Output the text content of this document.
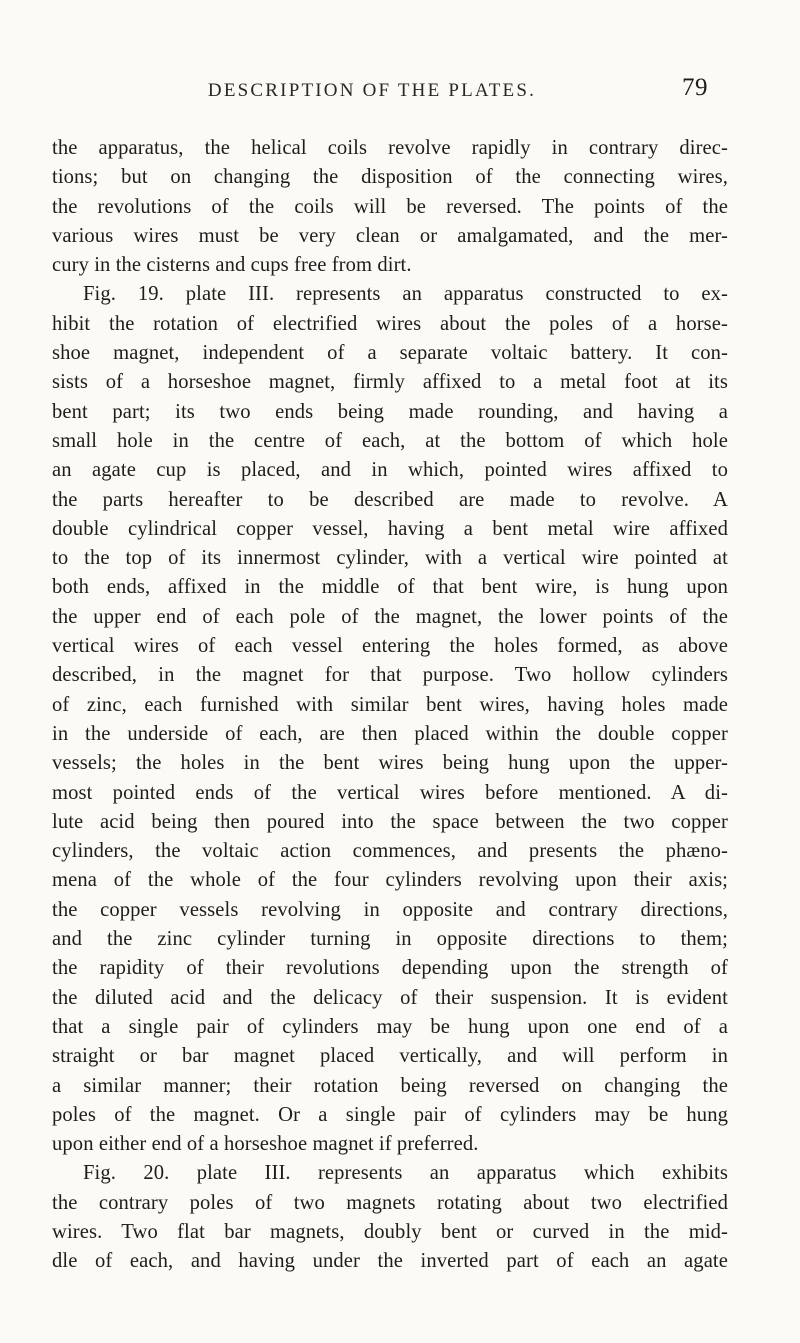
DESCRIPTION OF THE PLATES.	79
the apparatus, the helical coils revolve rapidly in contrary direc-
tions; but on changing the disposition of the connecting wires,
the revolutions of the coils will be reversed. The points of the
various wires must be very clean or amalgamated, and the mer-
cury in the cisterns and cups free from dirt.
Fig. 19. plate III. represents an apparatus constructed to ex-
hibit the rotation of electrified wires about the poles of a horse-
shoe magnet, independent of a separate voltaic battery. It con-
sists of a horseshoe magnet, firmly affixed to a metal foot at its
bent part; its two ends being made rounding, and having a
small hole in the centre of each, at the bottom of which hole
an agate cup is placed, and in which, pointed wires affixed to
the parts hereafter to be described are made to revolve. A
double cylindrical copper vessel, having a bent metal wire affixed
to the top of its innermost cylinder, with a vertical wire pointed at
both ends, affixed in the middle of that bent wire, is hung upon
the upper end of each pole of the magnet, the lower points of the
vertical wires of each vessel entering the holes formed, as above
described, in the magnet for that purpose. Two hollow cylinders
of zinc, each furnished with similar bent wires, having holes made
in the underside of each, are then placed within the double copper
vessels; the holes in the bent wires being hung upon the upper-
most pointed ends of the vertical wires before mentioned. A di-
lute acid being then poured into the space between the two copper
cylinders, the voltaic action commences, and presents the phæno-
mena of the whole of the four cylinders revolving upon their axis;
the copper vessels revolving in opposite and contrary directions,
and the zinc cylinder turning in opposite directions to them;
the rapidity of their revolutions depending upon the strength of
the diluted acid and the delicacy of their suspension. It is evident
that a single pair of cylinders may be hung upon one end of a
straight or bar magnet placed vertically, and will perform in
a similar manner; their rotation being reversed on changing the
poles of the magnet. Or a single pair of cylinders may be hung
upon either end of a horseshoe magnet if preferred.
Fig. 20. plate III. represents an apparatus which exhibits
the contrary poles of two magnets rotating about two electrified
wires. Two flat bar magnets, doubly bent or curved in the mid-
dle of each, and having under the inverted part of each an agate
